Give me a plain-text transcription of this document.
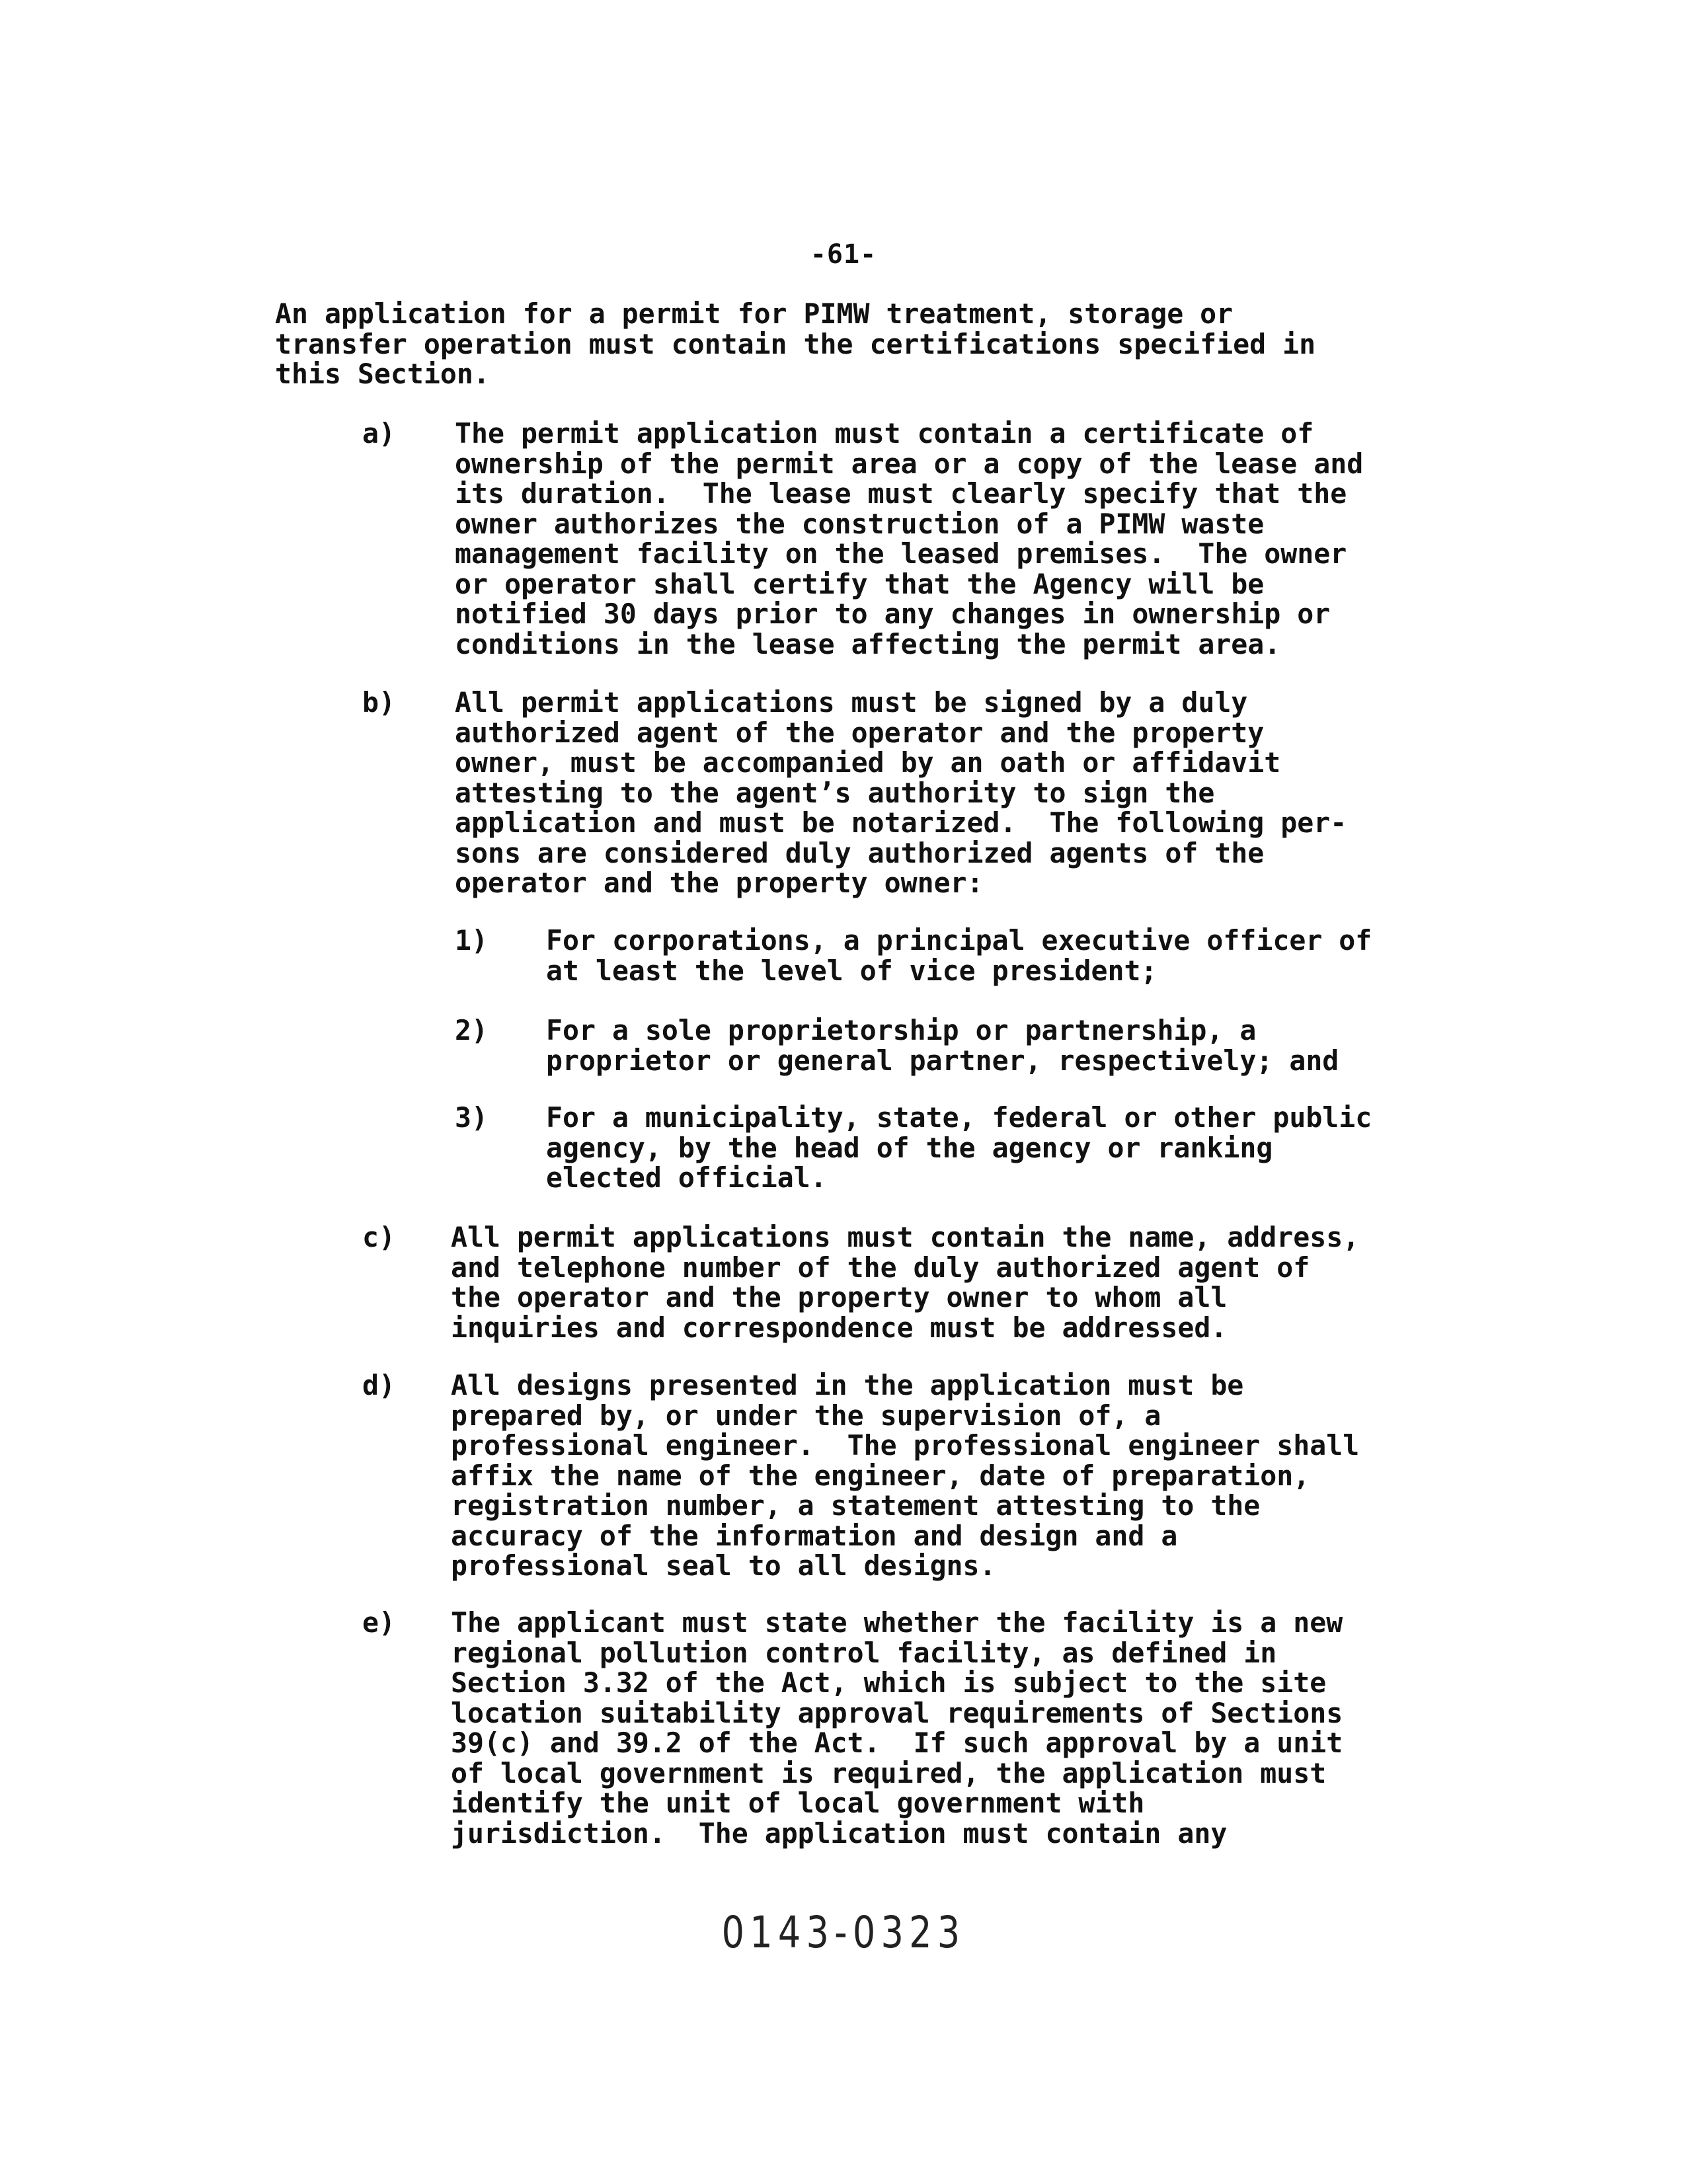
-61-

An application for a permit for PIMW treatment, storage or
transfer operation must contain the certifications specified in
this Section.

a) The permit application must contain a certificate of
ownership of the permit area or a copy of the lease and
its duration.  The lease must clearly specify that the
owner authorizes the construction of a PIMW waste
management facility on the leased premises.  The owner
or operator shall certify that the Agency will be
notified 30 days prior to any changes in ownership or
conditions in the lease affecting the permit area.

b) All permit applications must be signed by a duly
authorized agent of the operator and the property
owner, must be accompanied by an oath or affidavit
attesting to the agent’s authority to sign the
application and must be notarized.  The following per-
sons are considered duly authorized agents of the
operator and the property owner:

1) For corporations, a principal executive officer of
at least the level of vice president;

2) For a sole proprietorship or partnership, a
proprietor or general partner, respectively; and

3) For a municipality, state, federal or other public
agency, by the head of the agency or ranking
elected official.

c) All permit applications must contain the name, address,
and telephone number of the duly authorized agent of
the operator and the property owner to whom all
inquiries and correspondence must be addressed.

d) All designs presented in the application must be
prepared by, or under the supervision of, a
professional engineer.  The professional engineer shall
affix the name of the engineer, date of preparation,
registration number, a statement attesting to the
accuracy of the information and design and a
professional seal to all designs.

e) The applicant must state whether the facility is a new
regional pollution control facility, as defined in
Section 3.32 of the Act, which is subject to the site
location suitability approval requirements of Sections
39(c) and 39.2 of the Act.  If such approval by a unit
of local government is required, the application must
identify the unit of local government with
jurisdiction.  The application must contain any

0143-0323
